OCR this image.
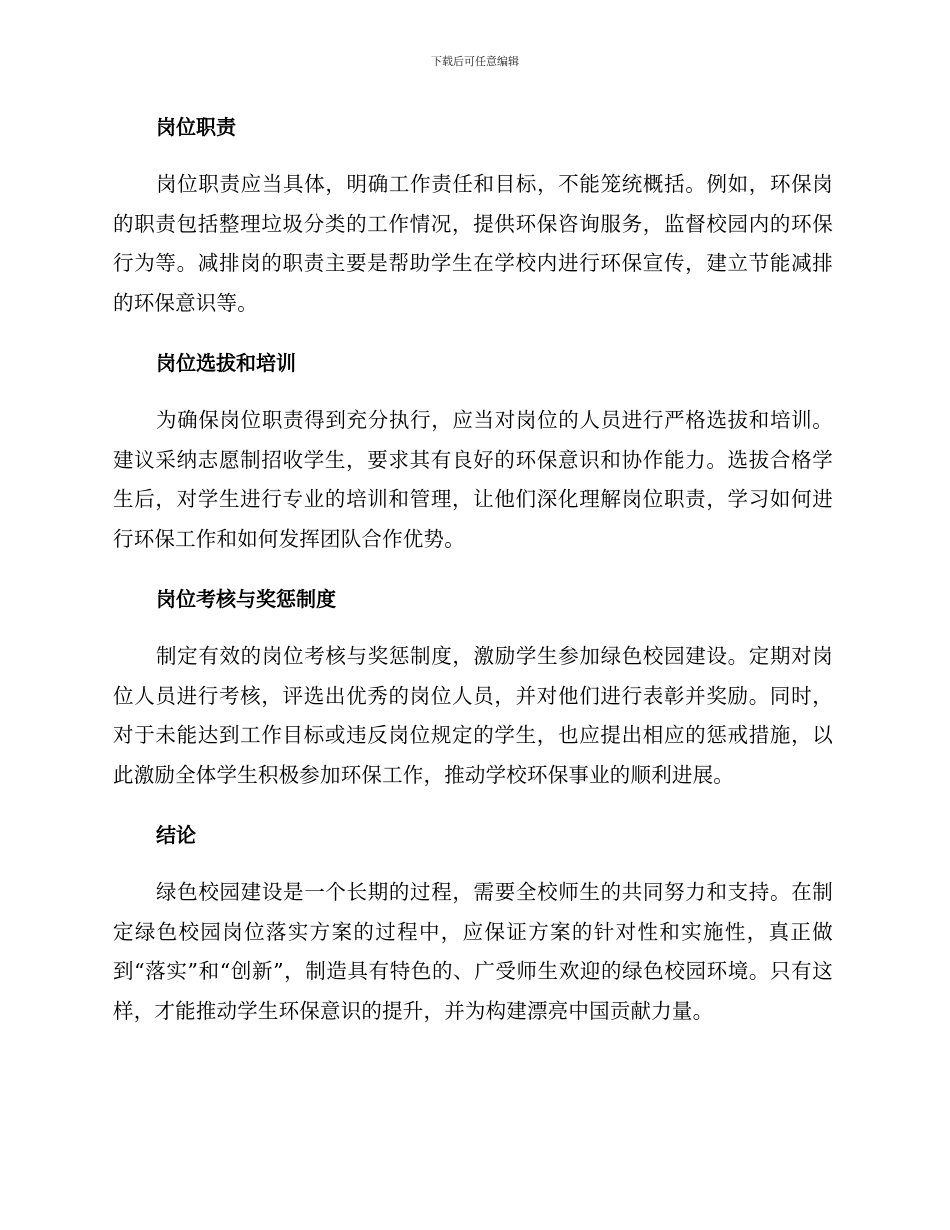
下载后可任意编辑
岗位职责

岗位职责应当具体，明确工作责任和目标，不能笼统概括。例如，环保岗的职责包括整理垃圾分类的工作情况，提供环保咨询服务，监督校园内的环保行为等。减排岗的职责主要是帮助学生在学校内进行环保宣传，建立节能减排的环保意识等。

岗位选拔和培训

为确保岗位职责得到充分执行，应当对岗位的人员进行严格选拔和培训。建议采纳志愿制招收学生，要求其有良好的环保意识和协作能力。选拔合格学生后，对学生进行专业的培训和管理，让他们深化理解岗位职责，学习如何进行环保工作和如何发挥团队合作优势。

岗位考核与奖惩制度

制定有效的岗位考核与奖惩制度，激励学生参加绿色校园建设。定期对岗位人员进行考核，评选出优秀的岗位人员，并对他们进行表彰并奖励。同时，对于未能达到工作目标或违反岗位规定的学生，也应提出相应的惩戒措施，以此激励全体学生积极参加环保工作，推动学校环保事业的顺利进展。

结论

绿色校园建设是一个长期的过程，需要全校师生的共同努力和支持。在制定绿色校园岗位落实方案的过程中，应保证方案的针对性和实施性，真正做到“落实”和“创新”，制造具有特色的、广受师生欢迎的绿色校园环境。只有这样，才能推动学生环保意识的提升，并为构建漂亮中国贡献力量。
